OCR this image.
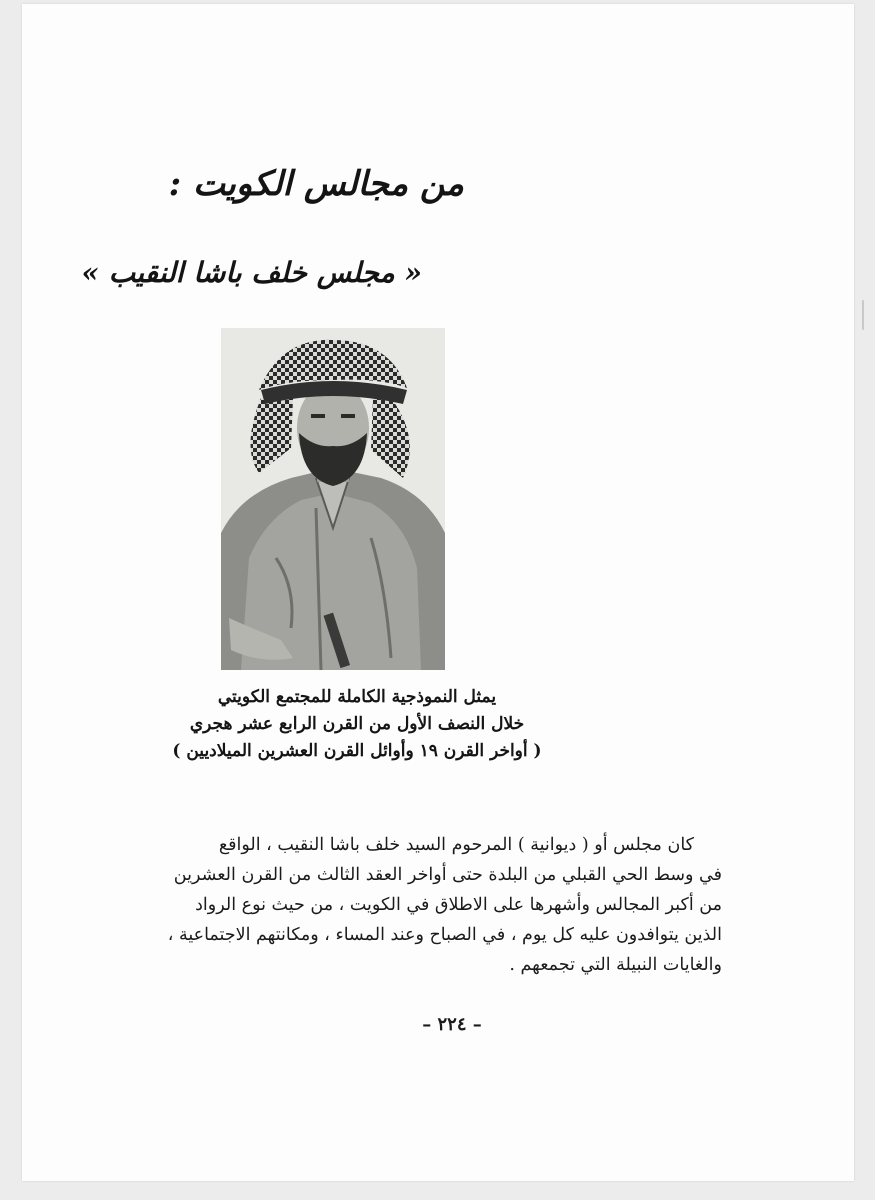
من مجالس الكويت :
« مجلس خلف باشا النقيب »
يمثل النموذجية الكاملة للمجتمع الكويتي
خلال النصف الأول من القرن الرابع عشر هجري
( أواخر القرن ١٩ وأوائل القرن العشرين الميلاديين )
كان مجلس أو ( ديوانية ) المرحوم السيد خلف باشا النقيب ، الواقع
في وسط الحي القبلي من البلدة حتى أواخر العقد الثالث من القرن العشرين
من أكبر المجالس وأشهرها على الاطلاق في الكويت ، من حيث نوع الرواد
الذين يتوافدون عليه كل يوم ، في الصباح وعند المساء ، ومكانتهم الاجتماعية ،
والغايات النبيلة التي تجمعهم .
– ٢٢٤ –
